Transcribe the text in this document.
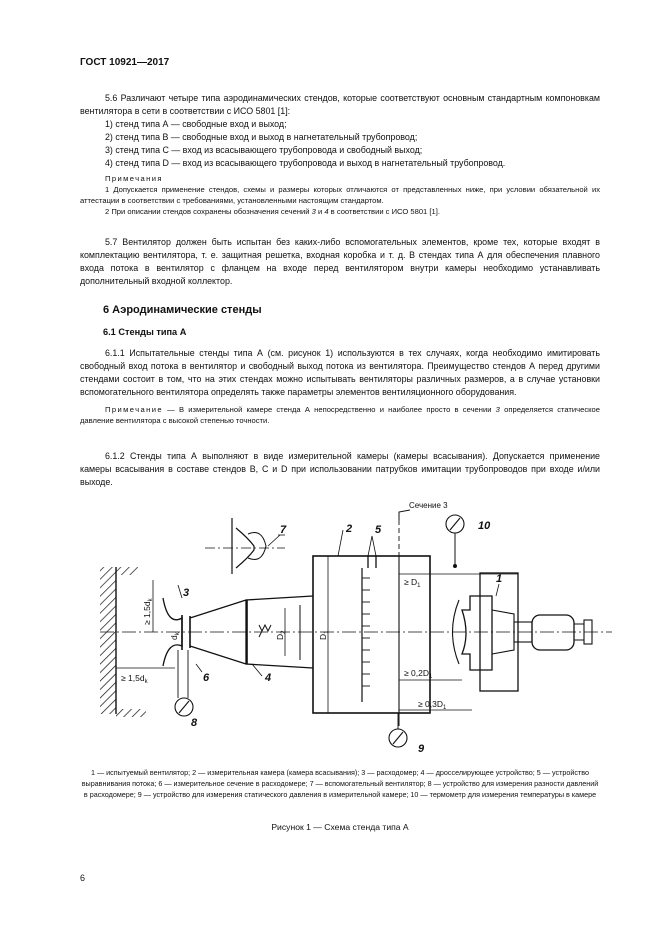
ГОСТ 10921—2017

5.6 Различают четыре типа аэродинамических стендов, которые соответствуют основным стандартным компоновкам вентилятора в сети в соответствии с ИСО 5801 [1]:

1) стенд типа А — свободные вход и выход;

2) стенд типа В — свободные вход и выход в нагнетательный трубопровод;

3) стенд типа С — вход из всасывающего трубопровода и свободный выход;

4) стенд типа D — вход из всасывающего трубопровода и выход в нагнетательный трубопровод.

Примечания

1 Допускается применение стендов, схемы и размеры которых отличаются от представленных ниже, при условии обязательной их аттестации в соответствии с требованиями, установленными настоящим стандартом.

2 При описании стендов сохранены обозначения сечений 3 и 4 в соответствии с ИСО 5801 [1].

5.7 Вентилятор должен быть испытан без каких-либо вспомогательных элементов, кроме тех, которые входят в комплектацию вентилятора, т. е. защитная решетка, входная коробка и т. д. В стендах типа А для обеспечения плавного входа потока в вентилятор с фланцем на входе перед вентилятором внутри камеры необходимо устанавливать дополнительный входной коллектор.

6 Аэродинамические стенды
6.1 Стенды типа А

6.1.1 Испытательные стенды типа А (см. рисунок 1) используются в тех случаях, когда необходимо имитировать свободный вход потока в вентилятор и свободный выход потока из вентилятора. Преимущество стендов А перед другими стендами состоит в том, что на этих стендах можно испытывать вентиляторы различных размеров, а в случае установки вспомогательного вентилятора определять также параметры элементов вентиляционного оборудования.

Примечание — В измерительной камере стенда А непосредственно и наиболее просто в сечении 3 определяется статическое давление вентилятора с высокой степенью точности.

6.1.2 Стенды типа А выполняют в виде измерительной камеры (камеры всасывания). Допускается применение камеры всасывания в составе стендов В, С и D при использовании патрубков имитации трубопроводов при входе и/или выходе.

Сечение 3
≥ $D_1$
≥ $0,2D_1$
≥ $0,3D_1$
≥ $1,5d_k$
≥ $1,5d_k$
$D_1$
$D_2$
$d_k$
1
2
3
4
5
6
7
8
9
10
1 — испытуемый вентилятор; 2 — измерительная камера (камера всасывания); 3 — расходомер; 4 — дросселирующее устройство; 5 — устройство выравнивания потока; 6 — измерительное сечение в расходомере; 7 — вспомогательный вентилятор; 8 — устройство для измерения разности давлений в расходомере; 9 — устройство для измерения статического давления в измерительной камере; 10 — термометр для измерения температуры в камере
Рисунок 1 — Схема стенда типа А
6
